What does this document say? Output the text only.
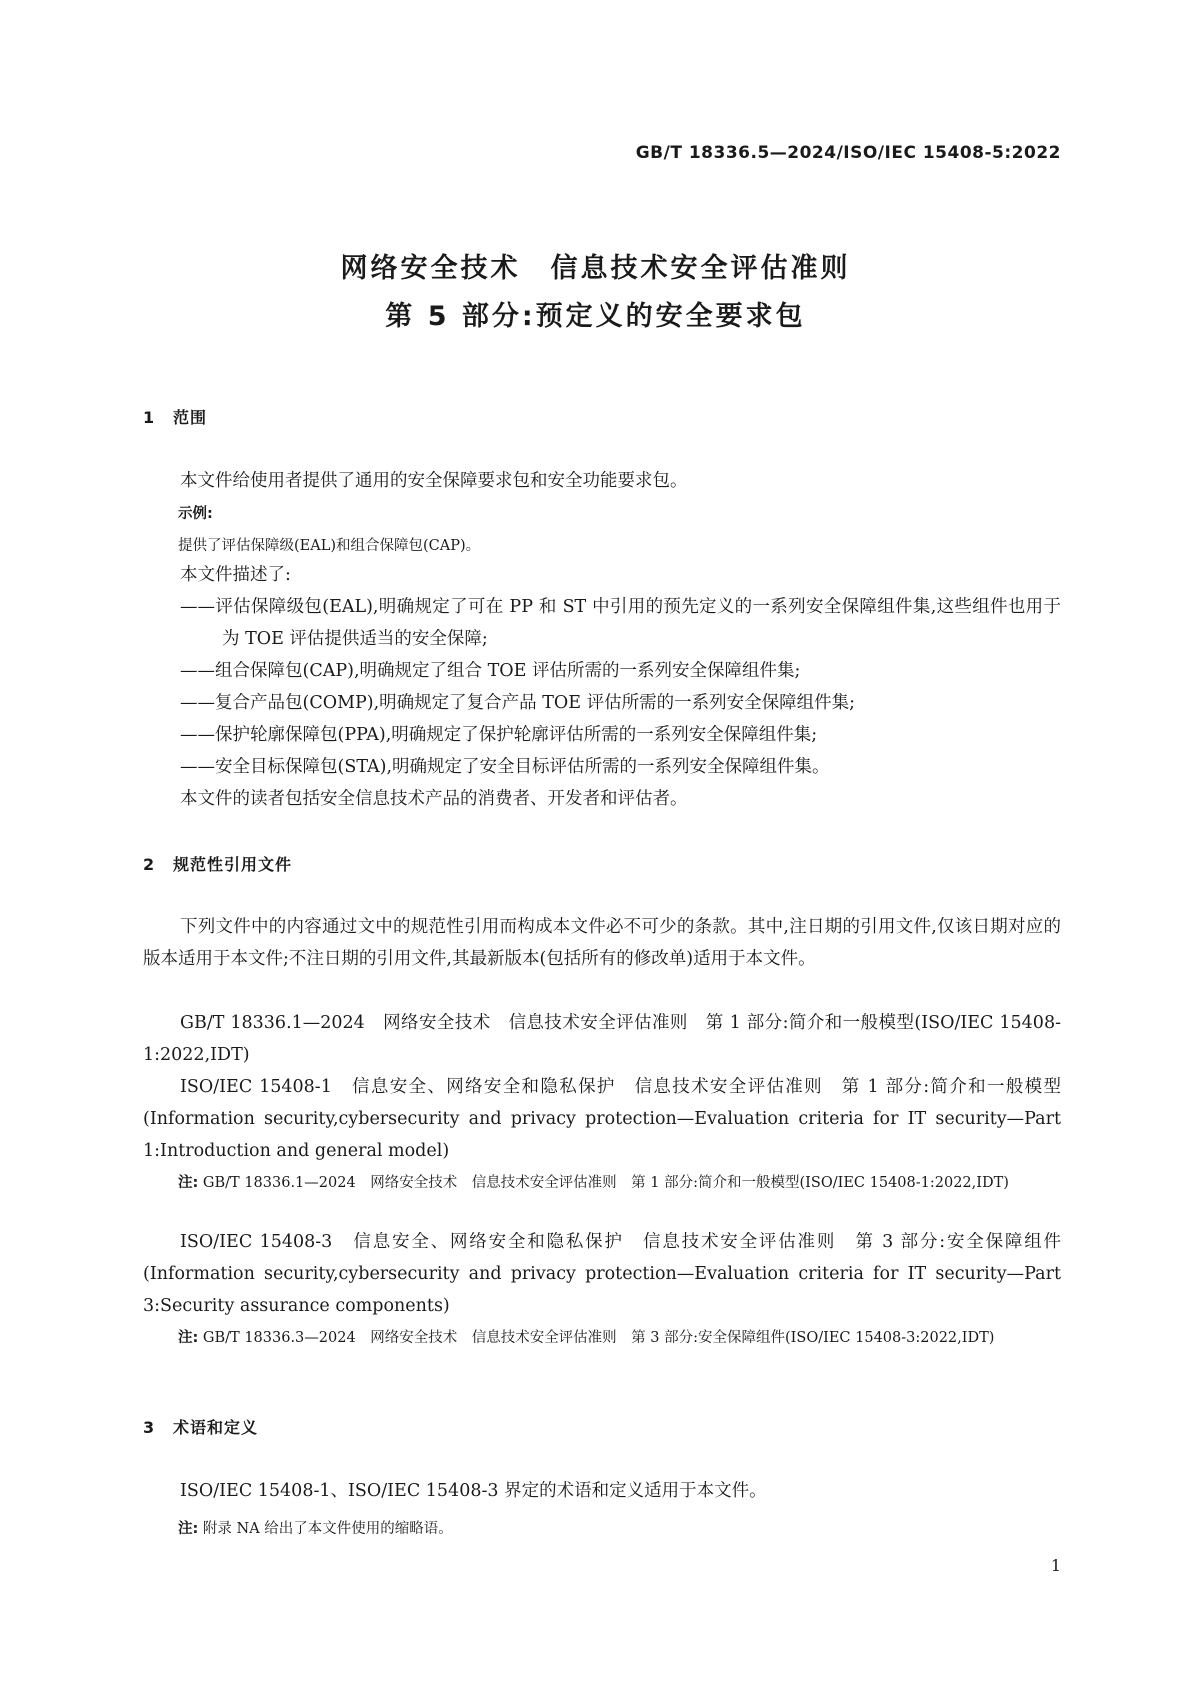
GB/T 18336.5—2024/ISO/IEC 15408-5:2022
网络安全技术　信息技术安全评估准则
第 5 部分:预定义的安全要求包
1 范围
本文件给使用者提供了通用的安全保障要求包和安全功能要求包。
示例:
提供了评估保障级(EAL)和组合保障包(CAP)。
本文件描述了:
——评估保障级包(EAL),明确规定了可在 PP 和 ST 中引用的预先定义的一系列安全保障组件集,这些组件也用于为 TOE 评估提供适当的安全保障;
——组合保障包(CAP),明确规定了组合 TOE 评估所需的一系列安全保障组件集;
——复合产品包(COMP),明确规定了复合产品 TOE 评估所需的一系列安全保障组件集;
——保护轮廓保障包(PPA),明确规定了保护轮廓评估所需的一系列安全保障组件集;
——安全目标保障包(STA),明确规定了安全目标评估所需的一系列安全保障组件集。
本文件的读者包括安全信息技术产品的消费者、开发者和评估者。
2 规范性引用文件
下列文件中的内容通过文中的规范性引用而构成本文件必不可少的条款。其中,注日期的引用文件,仅该日期对应的版本适用于本文件;不注日期的引用文件,其最新版本(包括所有的修改单)适用于本文件。
GB/T 18336.1—2024　网络安全技术　信息技术安全评估准则　第 1 部分:简介和一般模型(ISO/IEC 15408-1:2022,IDT)
ISO/IEC 15408-1　信息安全、网络安全和隐私保护　信息技术安全评估准则　第 1 部分:简介和一般模型(Information security,cybersecurity and privacy protection—Evaluation criteria for IT security—Part 1:Introduction and general model)
注: GB/T 18336.1—2024　网络安全技术　信息技术安全评估准则　第 1 部分:简介和一般模型(ISO/IEC 15408-1:2022,IDT)
ISO/IEC 15408-3　信息安全、网络安全和隐私保护　信息技术安全评估准则　第 3 部分:安全保障组件(Information security,cybersecurity and privacy protection—Evaluation criteria for IT security—Part 3:Security assurance components)
注: GB/T 18336.3—2024　网络安全技术　信息技术安全评估准则　第 3 部分:安全保障组件(ISO/IEC 15408-3:2022,IDT)
3 术语和定义
ISO/IEC 15408-1、ISO/IEC 15408-3 界定的术语和定义适用于本文件。
注: 附录 NA 给出了本文件使用的缩略语。
1
